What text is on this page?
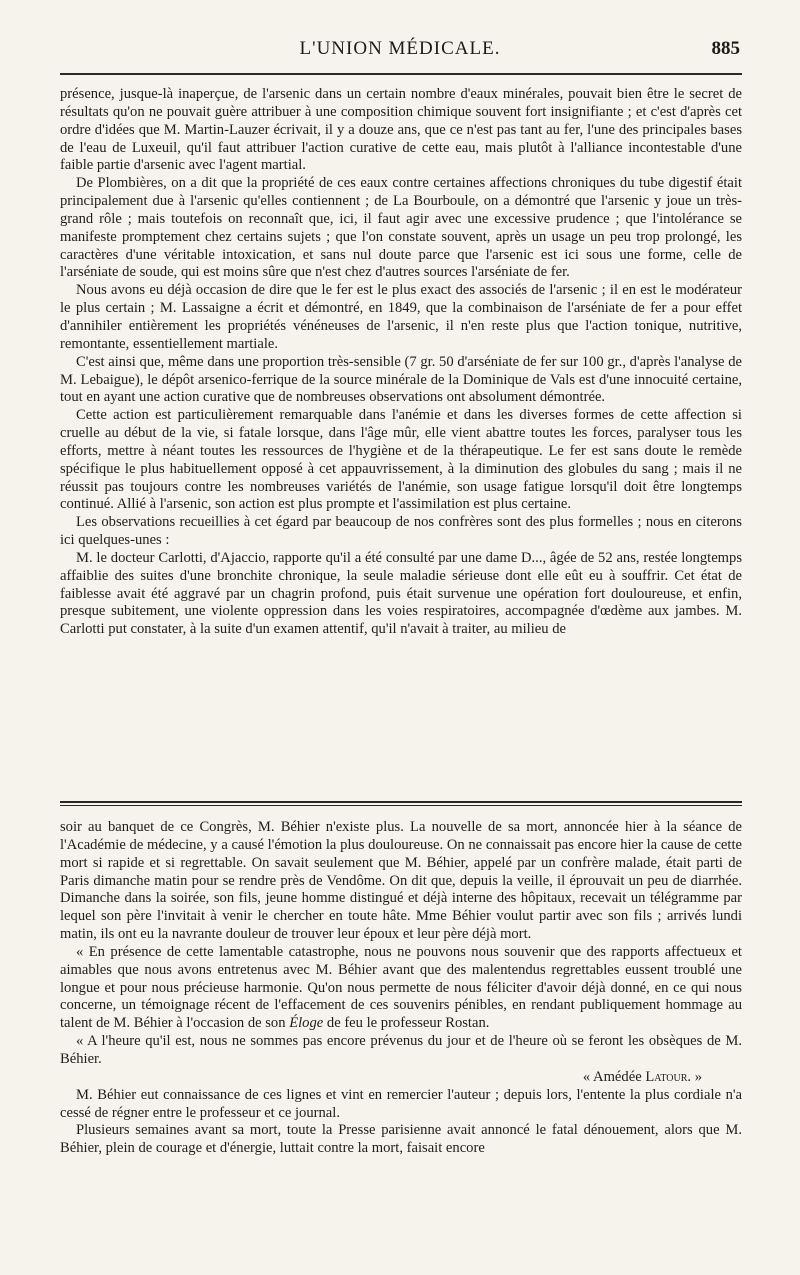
L'UNION MÉDICALE.	885

présence, jusque-là inaperçue, de l'arsenic dans un certain nombre d'eaux minérales, pouvait bien être le secret de résultats qu'on ne pouvait guère attribuer à une composition chimique souvent fort insignifiante ; et c'est d'après cet ordre d'idées que M. Martin-Lauzer écrivait, il y a douze ans, que ce n'est pas tant au fer, l'une des principales bases de l'eau de Luxeuil, qu'il faut attribuer l'action curative de cette eau, mais plutôt à l'alliance incontestable d'une faible partie d'arsenic avec l'agent martial.

De Plombières, on a dit que la propriété de ces eaux contre certaines affections chroniques du tube digestif était principalement due à l'arsenic qu'elles contiennent ; de La Bourboule, on a démontré que l'arsenic y joue un très-grand rôle ; mais toutefois on reconnaît que, ici, il faut agir avec une excessive prudence ; que l'intolérance se manifeste promptement chez certains sujets ; que l'on constate souvent, après un usage un peu trop prolongé, les caractères d'une véritable intoxication, et sans nul doute parce que l'arsenic est ici sous une forme, celle de l'arséniate de soude, qui est moins sûre que n'est chez d'autres sources l'arséniate de fer.

Nous avons eu déjà occasion de dire que le fer est le plus exact des associés de l'arsenic ; il en est le modérateur le plus certain ; M. Lassaigne a écrit et démontré, en 1849, que la combinaison de l'arséniate de fer a pour effet d'annihiler entièrement les propriétés vénéneuses de l'arsenic, il n'en reste plus que l'action tonique, nutritive, remontante, essentiellement martiale.

C'est ainsi que, même dans une proportion très-sensible (7 gr. 50 d'arséniate de fer sur 100 gr., d'après l'analyse de M. Lebaigue), le dépôt arsenico-ferrique de la source minérale de la Dominique de Vals est d'une innocuité certaine, tout en ayant une action curative que de nombreuses observations ont absolument démontrée.

Cette action est particulièrement remarquable dans l'anémie et dans les diverses formes de cette affection si cruelle au début de la vie, si fatale lorsque, dans l'âge mûr, elle vient abattre toutes les forces, paralyser tous les efforts, mettre à néant toutes les ressources de l'hygiène et de la thérapeutique. Le fer est sans doute le remède spécifique le plus habituellement opposé à cet appauvrissement, à la diminution des globules du sang ; mais il ne réussit pas toujours contre les nombreuses variétés de l'anémie, son usage fatigue lorsqu'il doit être longtemps continué. Allié à l'arsenic, son action est plus prompte et l'assimilation est plus certaine.

Les observations recueillies à cet égard par beaucoup de nos confrères sont des plus formelles ; nous en citerons ici quelques-unes :

M. le docteur Carlotti, d'Ajaccio, rapporte qu'il a été consulté par une dame D..., âgée de 52 ans, restée longtemps affaiblie des suites d'une bronchite chronique, la seule maladie sérieuse dont elle eût eu à souffrir. Cet état de faiblesse avait été aggravé par un chagrin profond, puis était survenue une opération fort douloureuse, et enfin, presque subitement, une violente oppression dans les voies respiratoires, accompagnée d'œdème aux jambes. M. Carlotti put constater, à la suite d'un examen attentif, qu'il n'avait à traiter, au milieu de

soir au banquet de ce Congrès, M. Béhier n'existe plus. La nouvelle de sa mort, annoncée hier à la séance de l'Académie de médecine, y a causé l'émotion la plus douloureuse. On ne connaissait pas encore hier la cause de cette mort si rapide et si regrettable. On savait seulement que M. Béhier, appelé par un confrère malade, était parti de Paris dimanche matin pour se rendre près de Vendôme. On dit que, depuis la veille, il éprouvait un peu de diarrhée. Dimanche dans la soirée, son fils, jeune homme distingué et déjà interne des hôpitaux, recevait un télégramme par lequel son père l'invitait à venir le chercher en toute hâte. Mme Béhier voulut partir avec son fils ; arrivés lundi matin, ils ont eu la navrante douleur de trouver leur époux et leur père déjà mort.

« En présence de cette lamentable catastrophe, nous ne pouvons nous souvenir que des rapports affectueux et aimables que nous avons entretenus avec M. Béhier avant que des malentendus regrettables eussent troublé une longue et pour nous précieuse harmonie. Qu'on nous permette de nous féliciter d'avoir déjà donné, en ce qui nous concerne, un témoignage récent de l'effacement de ces souvenirs pénibles, en rendant publiquement hommage au talent de M. Béhier à l'occasion de son Éloge de feu le professeur Rostan.

« A l'heure qu'il est, nous ne sommes pas encore prévenus du jour et de l'heure où se feront les obsèques de M. Béhier.

« Amédée Latour. »

M. Béhier eut connaissance de ces lignes et vint en remercier l'auteur ; depuis lors, l'entente la plus cordiale n'a cessé de régner entre le professeur et ce journal.

Plusieurs semaines avant sa mort, toute la Presse parisienne avait annoncé le fatal dénouement, alors que M. Béhier, plein de courage et d'énergie, luttait contre la mort, faisait encore
